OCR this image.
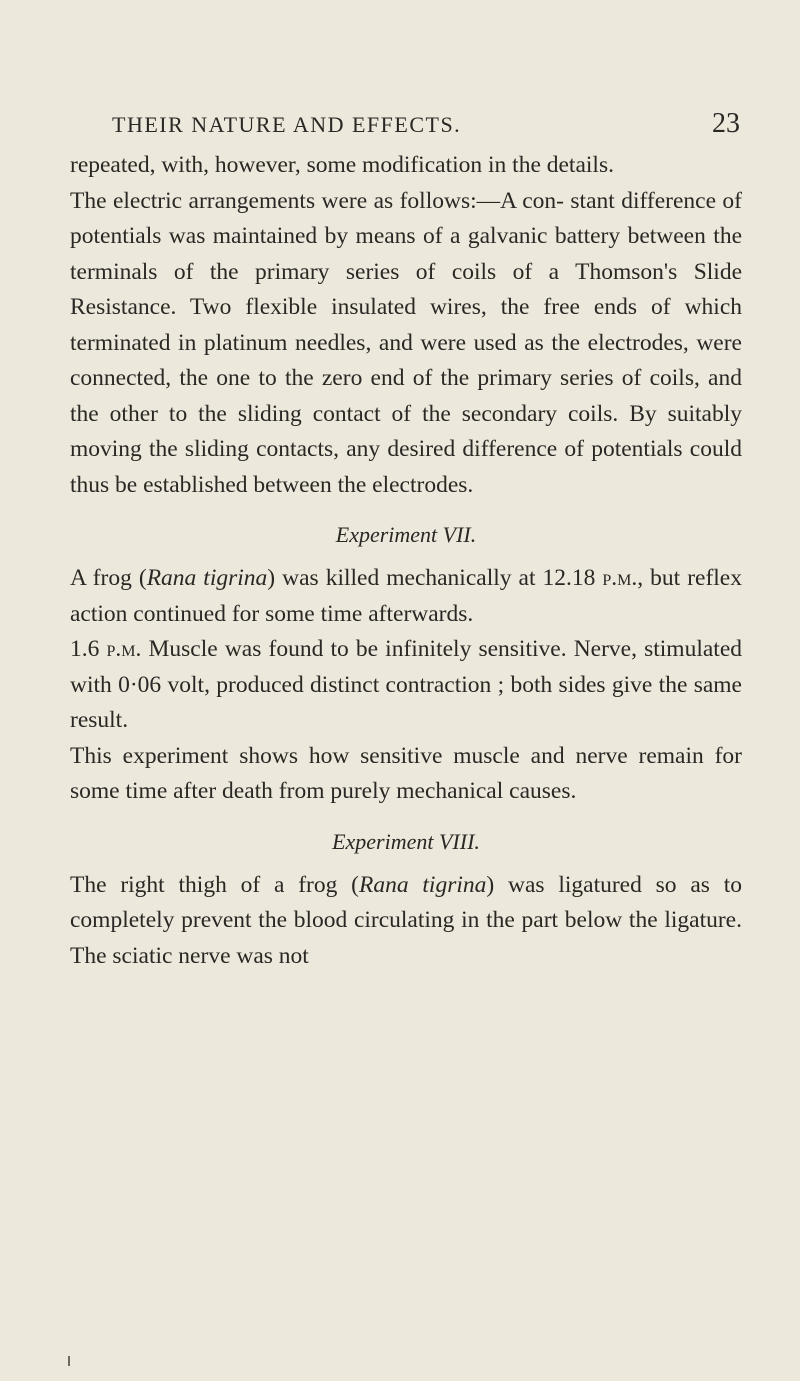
THEIR NATURE AND EFFECTS.	23

repeated, with, however, some modification in the details.

The electric arrangements were as follows:—A con- stant difference of potentials was maintained by means of a galvanic battery between the terminals of the primary series of coils of a Thomson's Slide Resistance. Two flexible insulated wires, the free ends of which terminated in platinum needles, and were used as the electrodes, were connected, the one to the zero end of the primary series of coils, and the other to the sliding contact of the secondary coils. By suitably moving the sliding contacts, any desired difference of potentials could thus be established between the electrodes.

Experiment VII.

A frog (Rana tigrina) was killed mechanically at 12.18 p.m., but reflex action continued for some time afterwards.

1.6 p.m. Muscle was found to be infinitely sensitive. Nerve, stimulated with 0·06 volt, produced distinct contraction ; both sides give the same result.

This experiment shows how sensitive muscle and nerve remain for some time after death from purely mechanical causes.

Experiment VIII.

The right thigh of a frog (Rana tigrina) was ligatured so as to completely prevent the blood circulating in the part below the ligature. The sciatic nerve was not
